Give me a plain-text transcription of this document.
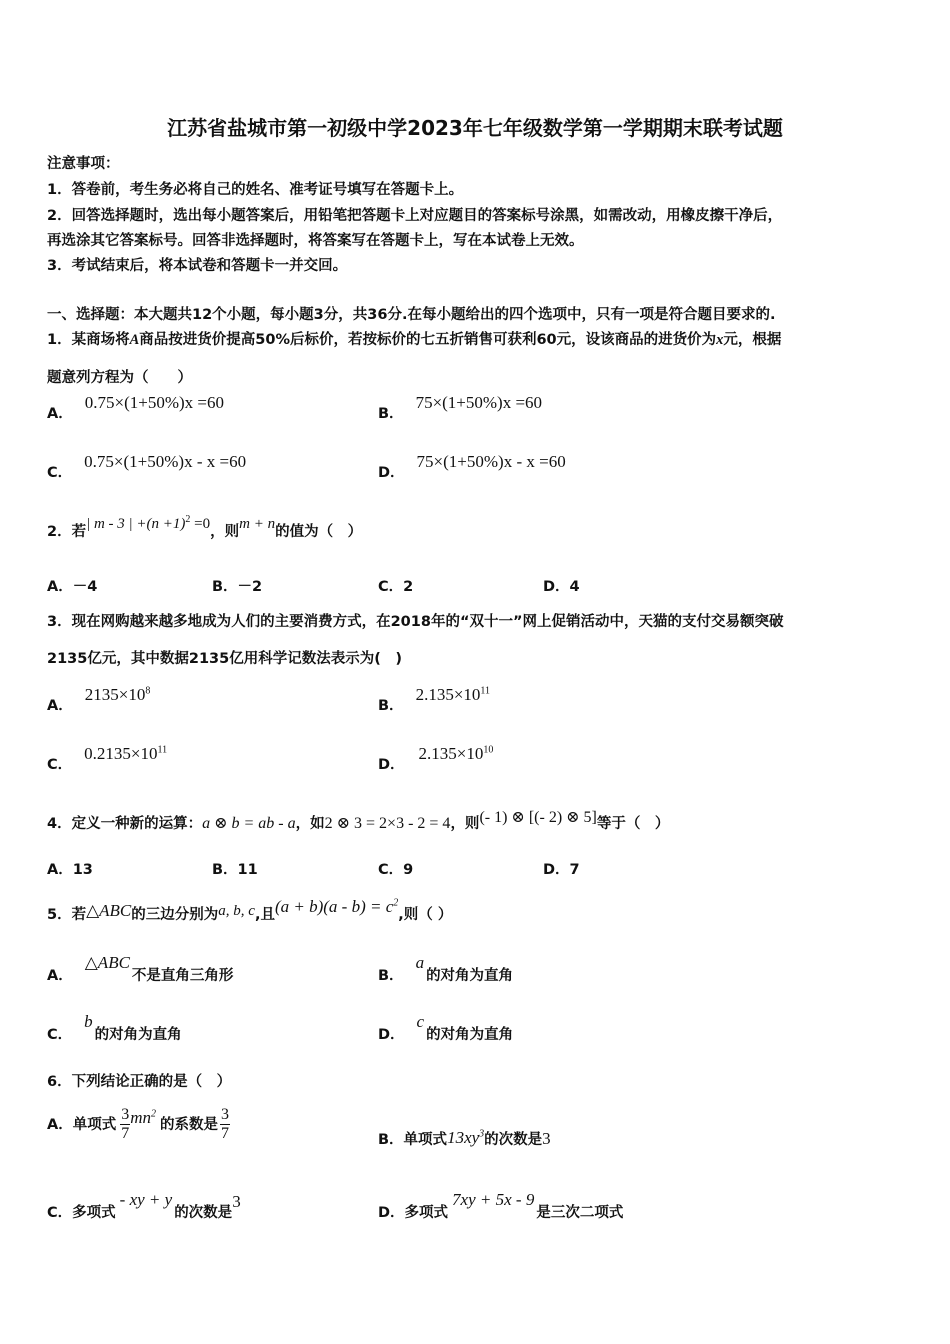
江苏省盐城市第一初级中学2023年七年级数学第一学期期末联考试题
注意事项：
1．答卷前，考生务必将自己的姓名、准考证号填写在答题卡上。
2．回答选择题时，选出每小题答案后，用铅笔把答题卡上对应题目的答案标号涂黑，如需改动，用橡皮擦干净后，
再选涂其它答案标号。回答非选择题时，将答案写在答题卡上，写在本试卷上无效。
3．考试结束后，将本试卷和答题卡一并交回。
一、选择题：本大题共12个小题，每小题3分，共36分.在每小题给出的四个选项中，只有一项是符合题目要求的.
1．某商场将A商品按进货价提高50%后标价，若按标价的七五折销售可获利60元，设该商品的进货价为x元，根据
题意列方程为（　　）
A．0.75×(1+50%)x =60
B．75×(1+50%)x =60
C．0.75×(1+50%)x - x =60
D．75×(1+50%)x - x =60
2．若| m - 3 | $+(n +1)^2 =0$，则m + n的值为（　）
A．－4	B．－2	C．2	D．4
3．现在网购越来越多地成为人们的主要消费方式，在2018年的“双十一”网上促销活动中，天猫的支付交易额突破
2135亿元，其中数据2135亿用科学记数法表示为(　)
A．$2135\times 10^8$
B．$2.135\times 10^{11}$
C．$0.2135\times 10^{11}$
D．$2.135\times 10^{10}$
4．定义一种新的运算：a ⊗ b = ab - a，如2 ⊗ 3 = 2×3 - 2 = 4，则(- 1) ⊗ [(- 2) ⊗ 5]等于（　）
A．13	B．11	C．9	D．7
5．若△ABC的三边分别为a, b, c,且$(a + b)(a - b) = c^2$,则（ ）
A．△ABC不是直角三角形	B．a的对角为直角
C．b的对角为直角	D．c的对角为直角
6．下列结论正确的是（　）
A．单项式 $\frac{3}{7} mn^2$的系数是 $\frac{3}{7}$	B．单项式$13xy^3$的次数是3
C．多项式- xy + y的次数是3
D．多项式7xy + 5x - 9是三次二项式
